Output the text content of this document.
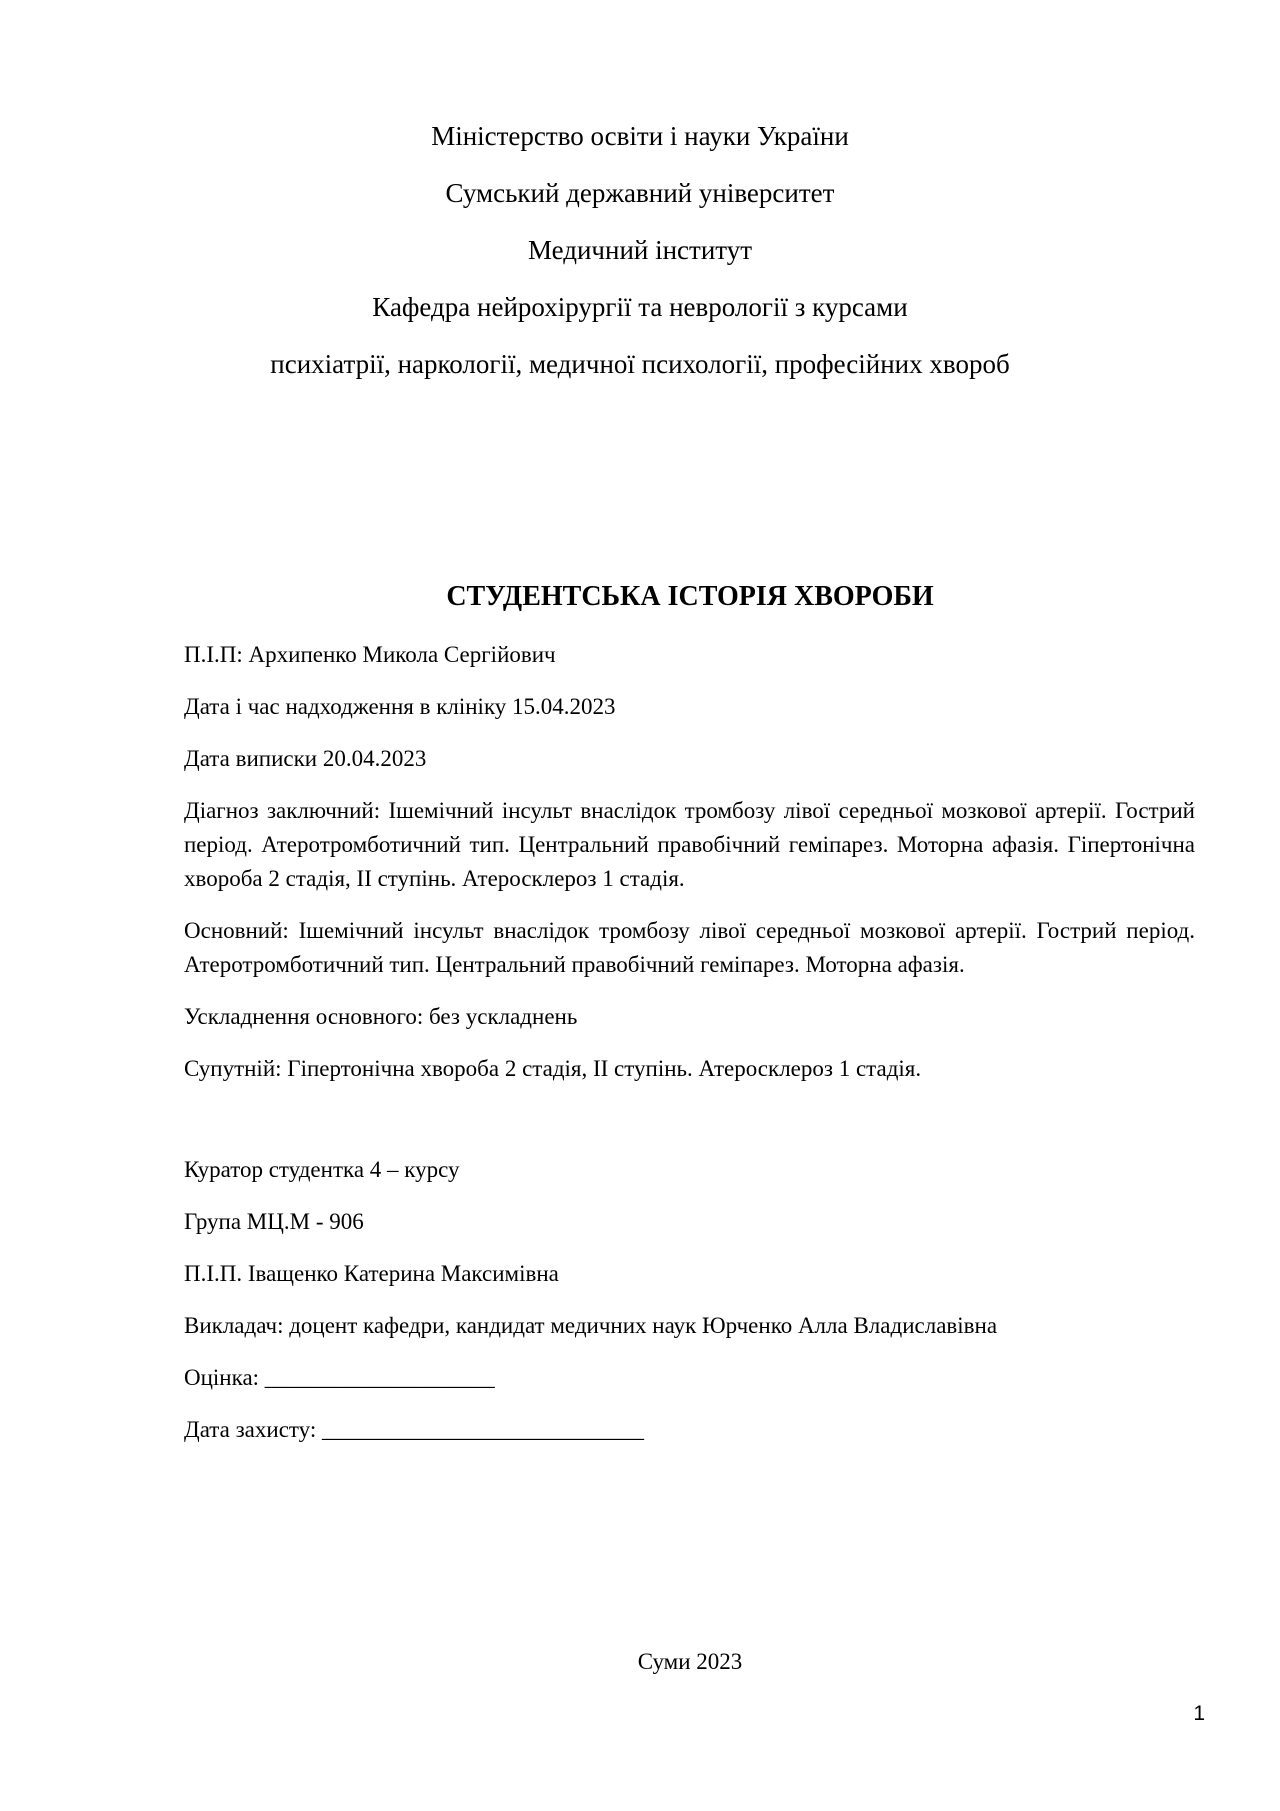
Міністерство освіти і науки України
Сумський державний університет
Медичний інститут
Кафедра нейрохірургії та неврології з курсами
психіатрії, наркології, медичної психології, професійних хвороб
СТУДЕНТСЬКА ІСТОРІЯ ХВОРОБИ

П.І.П: Архипенко Микола Сергійович

Дата і час надходження в клініку 15.04.2023

Дата виписки 20.04.2023

Діагноз заключний: Ішемічний інсульт внаслідок тромбозу лівої середньої мозкової артерії. Гострий період. Атеротромботичний тип. Центральний правобічний геміпарез. Моторна афазія. Гіпертонічна хвороба 2 стадія, II ступінь. Атеросклероз 1 стадія.

Основний: Ішемічний інсульт внаслідок тромбозу лівої середньої мозкової артерії. Гострий період. Атеротромботичний тип. Центральний правобічний геміпарез. Моторна афазія.

Ускладнення основного: без ускладнень

Супутній: Гіпертонічна хвороба 2 стадія, II ступінь. Атеросклероз 1 стадія.

Куратор студентка 4 – курсу

Група МЦ.М - 906

П.І.П. Іващенко Катерина Максимівна

Викладач: доцент кафедри, кандидат медичних наук Юрченко Алла Владиславівна

Оцінка: ____________________

Дата захисту: ____________________________

Суми 2023
1
